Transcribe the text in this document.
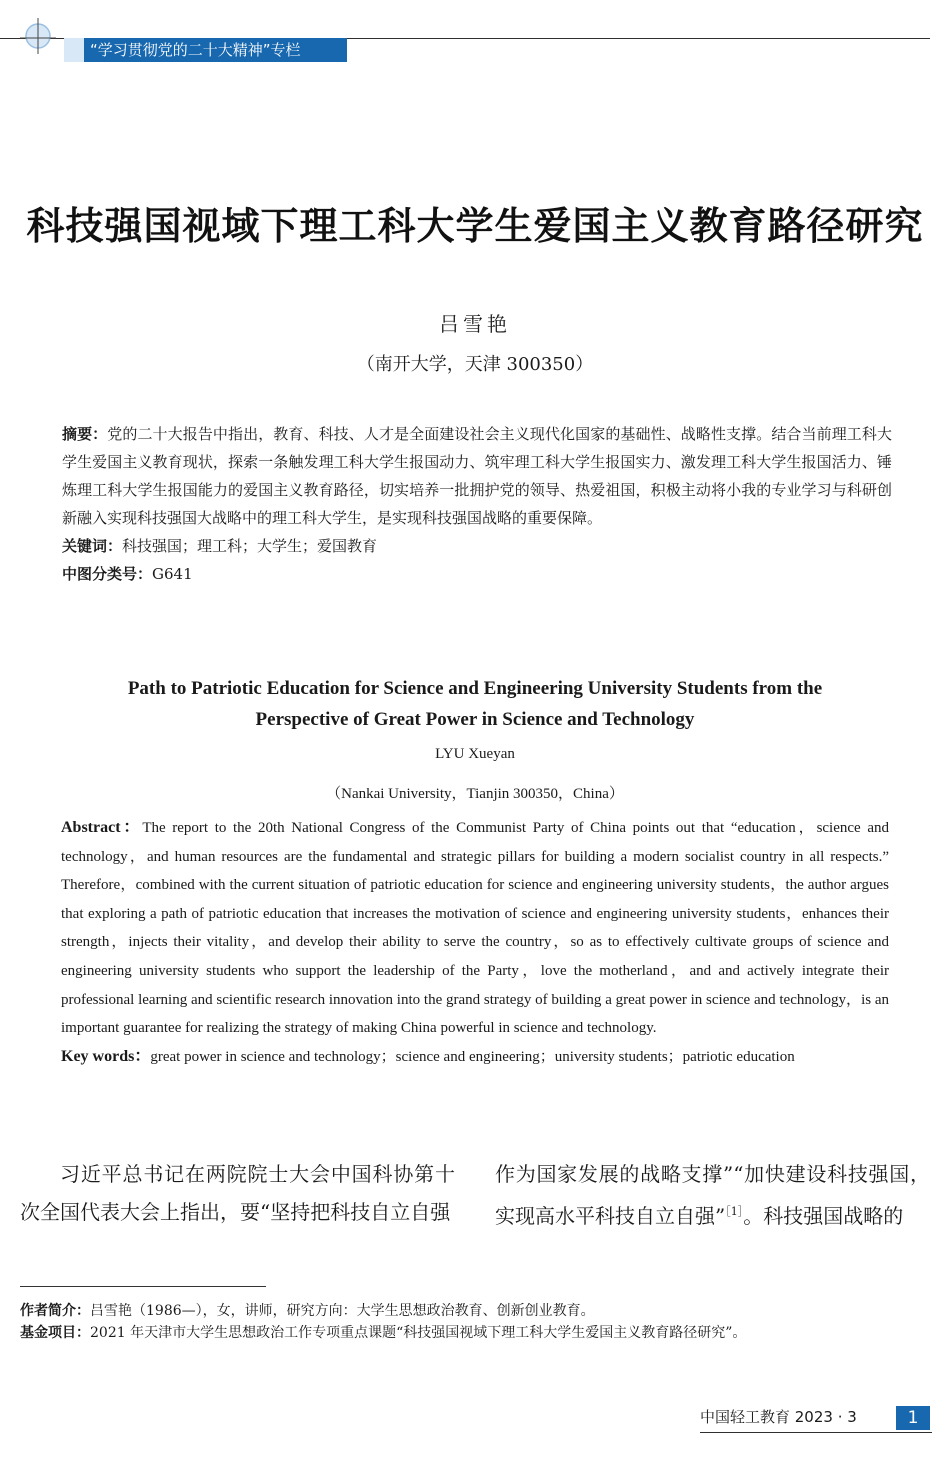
“学习贯彻党的二十大精神”专栏
科技强国视域下理工科大学生爱国主义教育路径研究
吕雪艳
（南开大学，天津 300350）

摘要：党的二十大报告中指出，教育、科技、人才是全面建设社会主义现代化国家的基础性、战略性支撑。结合当前理工科大学生爱国主义教育现状，探索一条触发理工科大学生报国动力、筑牢理工科大学生报国实力、激发理工科大学生报国活力、锤炼理工科大学生报国能力的爱国主义教育路径，切实培养一批拥护党的领导、热爱祖国，积极主动将小我的专业学习与科研创新融入实现科技强国大战略中的理工科大学生，是实现科技强国战略的重要保障。

关键词：科技强国；理工科；大学生；爱国教育

中图分类号：G641

Path to Patriotic Education for Science and Engineering University Students from the
Perspective of Great Power in Science and Technology
LYU Xueyan
（Nankai University，Tianjin 300350，China）

Abstract：The report to the 20th National Congress of the Communist Party of China points out that “education，science and technology，and human resources are the fundamental and strategic pillars for building a modern socialist country in all respects.” Therefore，combined with the current situation of patriotic education for science and engineering university students，the author argues that exploring a path of patriotic education that increases the motivation of science and engineering university students，enhances their strength，injects their vitality，and develop their ability to serve the country，so as to effectively cultivate groups of science and engineering university students who support the leadership of the Party，love the motherland，and and actively integrate their professional learning and scientific research innovation into the grand strategy of building a great power in science and technology，is an important guarantee for realizing the strategy of making China powerful in science and technology.

Key words：great power in science and technology；science and engineering；university students；patriotic education

习近平总书记在两院院士大会中国科协第十次全国代表大会上指出，要“坚持把科技自立自强

作为国家发展的战略支撑”“加快建设科技强国，实现高水平科技自立自强”$^{[1]}$。科技强国战略的

作者简介：吕雪艳（1986—），女，讲师，研究方向：大学生思想政治教育、创新创业教育。

基金项目：2021 年天津市大学生思想政治工作专项重点课题“科技强国视域下理工科大学生爱国主义教育路径研究”。

中国轻工教育 2023 · 3	1
